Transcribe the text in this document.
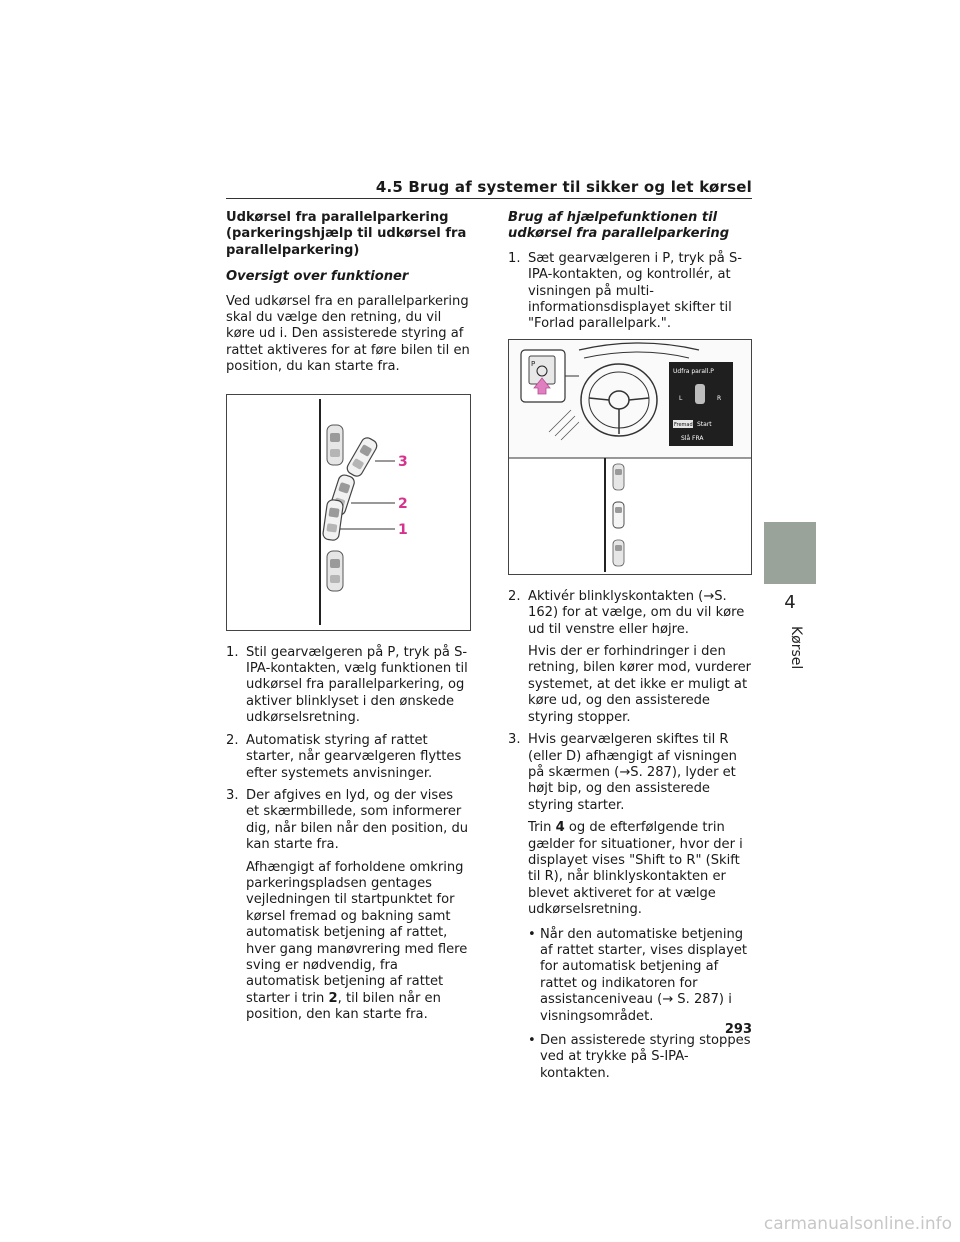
4.5 Brug af systemer til sikker og let kørsel
Udkørsel fra parallelparkering (parkeringshjælp til udkørsel fra parallelparkering)
Oversigt over funktioner

Ved udkørsel fra en parallelparkering skal du vælge den retning, du vil køre ud i. Den assisterede styring af rattet aktiveres for at føre bilen til en position, du kan starte fra.

3
2
1
1. Stil gearvælgeren på P, tryk på S-IPA-kontakten, vælg funktionen til udkørsel fra parallelparkering, og aktiver blinklyset i den ønskede udkørselsretning.
2. Automatisk styring af rattet starter, når gearvælgeren flyttes efter systemets anvisninger.
3. Der afgives en lyd, og der vises et skærmbillede, som informerer dig, når bilen når den position, du kan starte fra.

Afhængigt af forholdene omkring parkeringspladsen gentages vejledningen til startpunktet for kørsel fremad og bakning samt automatisk betjening af rattet, hver gang manøvrering med flere sving er nødvendig, fra automatisk betjening af rattet starter i trin 2, til bilen når en position, den kan starte fra.

Brug af hjælpefunktionen til udkørsel fra parallelparkering
1. Sæt gearvælgeren i P, tryk på S-IPA-kontakten, og kontrollér, at visningen på multi-informationsdisplayet skifter til "Forlad parallelpark.".
P
Udfra parall.P
L	R
Fremad Start
Slå FRA
2. Aktivér blinklyskontakten (→S. 162) for at vælge, om du vil køre ud til venstre eller højre.

Hvis der er forhindringer i den retning, bilen kører mod, vurderer systemet, at det ikke er muligt at køre ud, og den assisterede styring stopper.

3. Hvis gearvælgeren skiftes til R (eller D) afhængigt af visningen på skærmen (→S. 287), lyder et højt bip, og den assisterede styring starter.

Trin 4 og de efterfølgende trin gælder for situationer, hvor der i displayet vises "Shift to R" (Skift til R), når blinklyskontakten er blevet aktiveret for at vælge udkørselsretning.

• Når den automatiske betjening af rattet starter, vises displayet for automatisk betjening af rattet og indikatoren for assistanceniveau (→ S. 287) i visningsområdet.
• Den assisterede styring stoppes ved at trykke på S-IPA-kontakten.
4
Kørsel
293
carmanualsonline.info
